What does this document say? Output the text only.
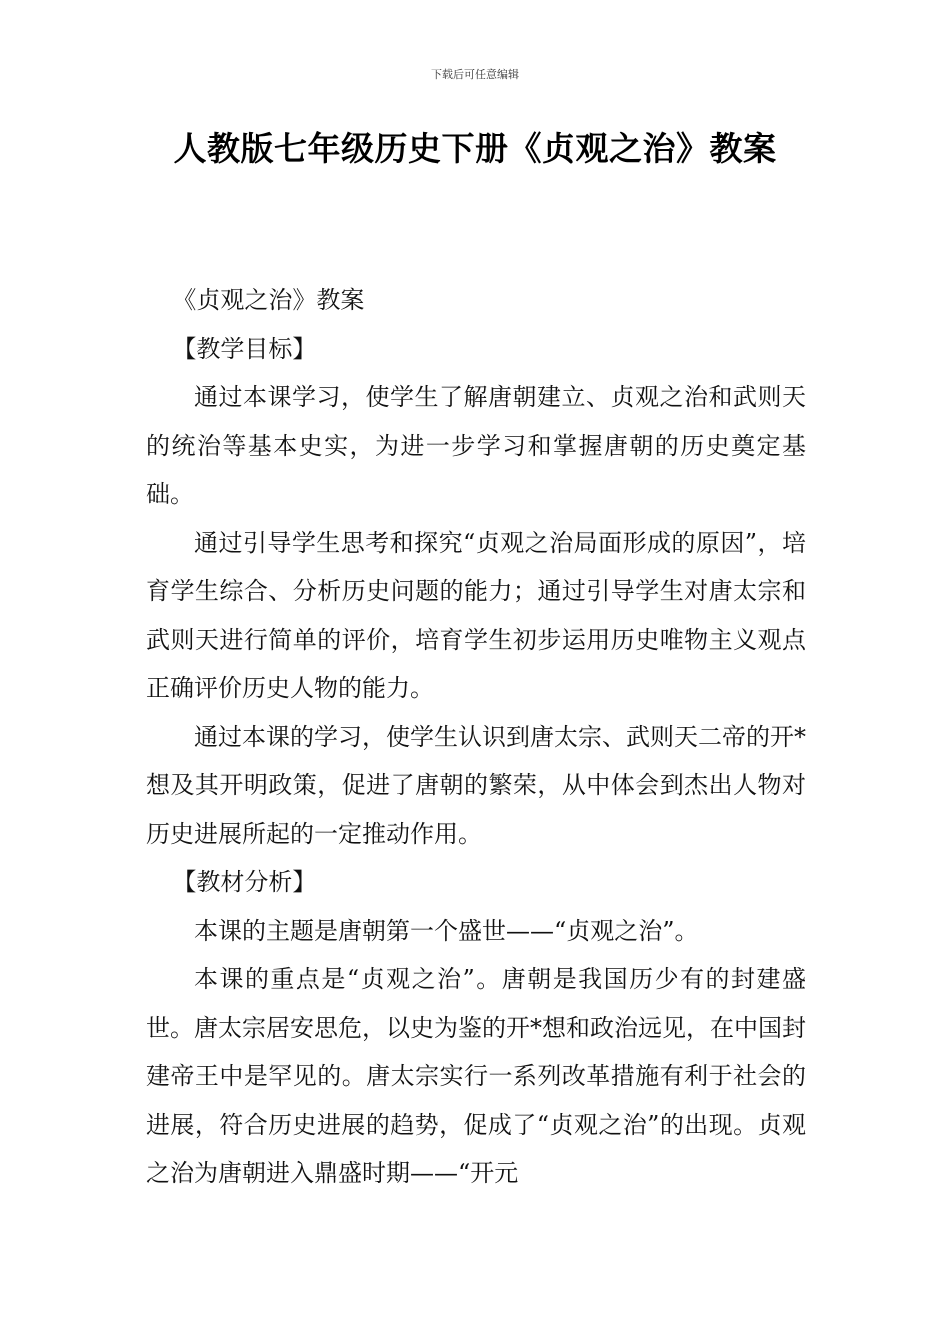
下载后可任意编辑
人教版七年级历史下册《贞观之治》教案

《贞观之治》教案

【教学目标】

通过本课学习，使学生了解唐朝建立、贞观之治和武则天的统治等基本史实，为进一步学习和掌握唐朝的历史奠定基础。

通过引导学生思考和探究“贞观之治局面形成的原因”，培育学生综合、分析历史问题的能力；通过引导学生对唐太宗和武则天进行简单的评价，培育学生初步运用历史唯物主义观点正确评价历史人物的能力。

通过本课的学习，使学生认识到唐太宗、武则天二帝的开*想及其开明政策，促进了唐朝的繁荣，从中体会到杰出人物对历史进展所起的一定推动作用。

【教材分析】

本课的主题是唐朝第一个盛世——“贞观之治”。

本课的重点是“贞观之治”。唐朝是我国历少有的封建盛世。唐太宗居安思危，以史为鉴的开*想和政治远见，在中国封建帝王中是罕见的。唐太宗实行一系列改革措施有利于社会的进展，符合历史进展的趋势，促成了“贞观之治”的出现。贞观之治为唐朝进入鼎盛时期——“开元
